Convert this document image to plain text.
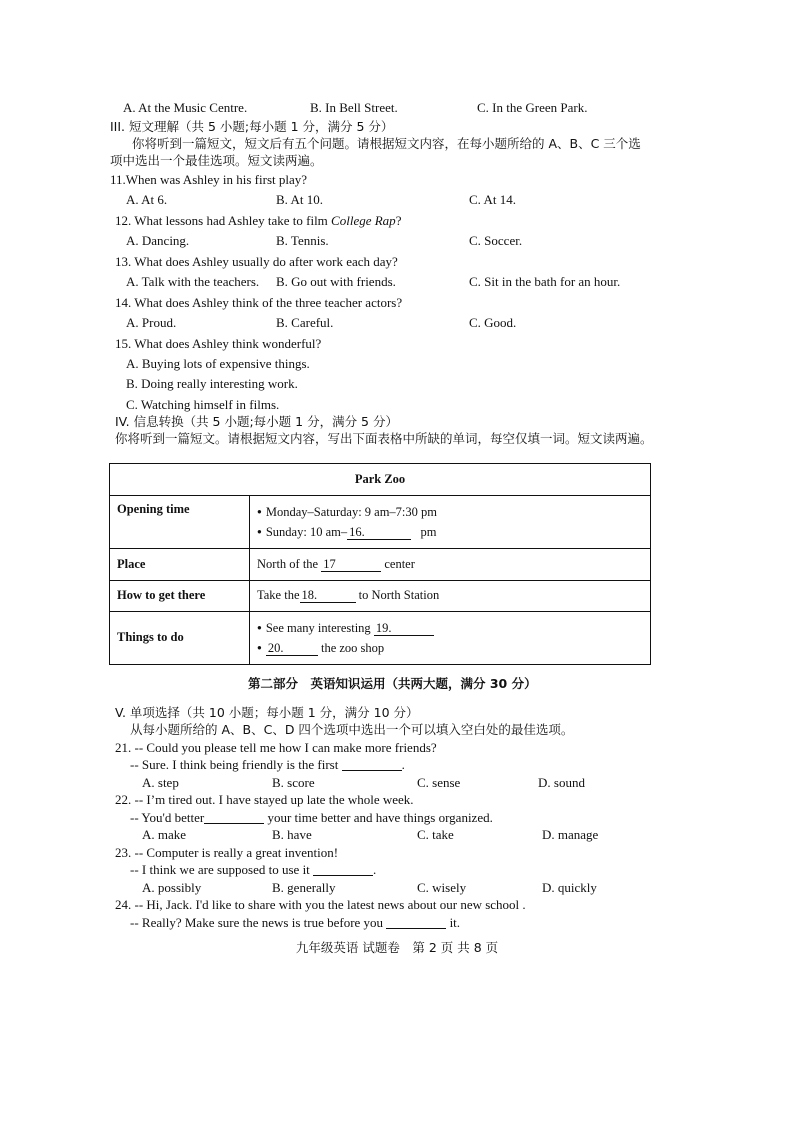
A. At the Music Centre.	B. In Bell Street.	C. In the Green Park.
III. 短文理解（共 5 小题;每小题 1 分，满分 5 分）
你将听到一篇短文，短文后有五个问题。请根据短文内容，在每小题所给的 A、B、C 三个选
项中选出一个最佳选项。短文读两遍。
11.When was Ashley in his first play?
A. At 6.	B. At 10.	C. At 14.
12. What lessons had Ashley take to film College Rap?
A. Dancing.	B. Tennis.	C. Soccer.
13. What does Ashley usually do after work each day?
A. Talk with the teachers. B. Go out with friends.	C. Sit in the bath for an hour.
14. What does Ashley think of the three teacher actors?
A. Proud.	B. Careful.	C. Good.
15. What does Ashley think wonderful?
A. Buying lots of expensive things.
B. Doing really interesting work.
C. Watching himself in films.
IV. 信息转换（共 5 小题;每小题 1 分，满分 5 分）
你将听到一篇短文。请根据短文内容，写出下面表格中所缺的单词，每空仅填一词。短文读两遍。
Park Zoo	
Opening time	● Monday–Saturday: 9 am–7:30 pm
● Sunday: 10 am– 16. pm

Place	North of the 17 center
How to get there	Take the 18. to North Station
Things to do	● See many interesting 19.
● 20. the zoo shop
第二部分　英语知识运用（共两大题，满分 30 分）
V. 单项选择（共 10 小题；每小题 1 分，满分 10 分）
从每小题所给的 A、B、C、D 四个选项中选出一个可以填入空白处的最佳选项。
21. -- Could you please tell me how I can make more friends?
-- Sure. I think being friendly is the first	.
A. step	B. score	C. sense	D. sound
22. -- I’m tired out. I have stayed up late the whole week.
-- You'd better	your time better and have things organized.
A. make	B. have	C. take	D. manage
23. -- Computer is really a great invention!
-- I think we are supposed to use it	.
A. possibly	B. generally	C. wisely	D. quickly
24. -- Hi, Jack. I'd like to share with you the latest news about our new school .
-- Really? Make sure the news is true before you	it.
九年级英语 试题卷　第 2 页 共 8 页
